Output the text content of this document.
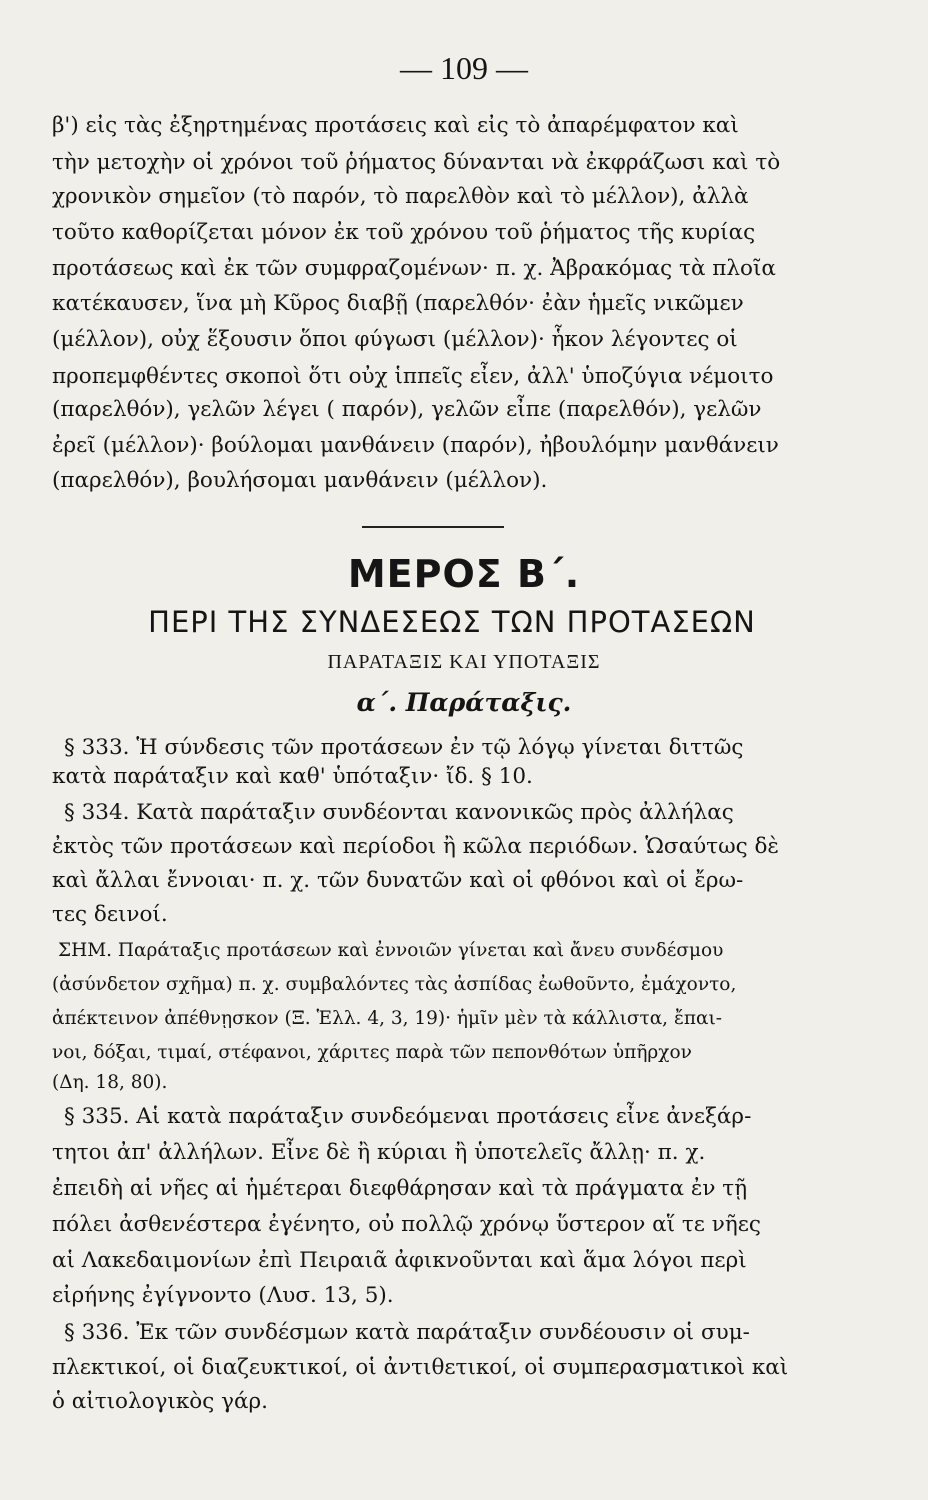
— 109 —
β') εἰς τὰς ἐξηρτημένας προτάσεις καὶ εἰς τὸ ἀπαρέμφατον καὶ
τὴν μετοχὴν οἱ χρόνοι τοῦ ῥήματος δύνανται νὰ ἐκφράζωσι καὶ τὸ
χρονικὸν σημεῖον (τὸ παρόν, τὸ παρελθὸν καὶ τὸ μέλλον), ἀλλὰ
τοῦτο καθορίζεται μόνον ἐκ τοῦ χρόνου τοῦ ῥήματος τῆς κυρίας
προτάσεως καὶ ἐκ τῶν συμφραζομένων· π. χ. Ἀβρακόμας τὰ πλοῖα
κατέκαυσεν, ἵνα μὴ Κῦρος διαβῇ (παρελθόν· ἐὰν ἡμεῖς νικῶμεν
(μέλλον), οὐχ ἕξουσιν ὅποι φύγωσι (μέλλον)· ἧκον λέγοντες οἱ
προπεμφθέντες σκοποὶ ὅτι οὐχ ἱππεῖς εἶεν, ἀλλ' ὑποζύγια νέμοιτο
(παρελθόν), γελῶν λέγει ( παρόν), γελῶν εἶπε (παρελθόν), γελῶν
ἐρεῖ (μέλλον)· βούλομαι μανθάνειν (παρόν), ἠβουλόμην μανθάνειν
(παρελθόν), βουλήσομαι μανθάνειν (μέλλον).
ΜΕΡΟΣ Β΄.
ΠΕΡΙ ΤΗΣ ΣΥΝΔΕΣΕΩΣ ΤΩΝ ΠΡΟΤΑΣΕΩΝ
ΠΑΡΑΤΑΞΙΣ ΚΑΙ ΥΠΟΤΑΞΙΣ
α΄. Παράταξις.
§ 333. Ἡ σύνδεσις τῶν προτάσεων ἐν τῷ λόγῳ γίνεται διττῶς
κατὰ παράταξιν καὶ καθ' ὑπόταξιν· ἴδ. § 10.
§ 334. Κατὰ παράταξιν συνδέονται κανονικῶς πρὸς ἀλλήλας
ἐκτὸς τῶν προτάσεων καὶ περίοδοι ἢ κῶλα περιόδων. Ὡσαύτως δὲ
καὶ ἄλλαι ἔννοιαι· π. χ. τῶν δυνατῶν καὶ οἱ φθόνοι καὶ οἱ ἔρω-
τες δεινοί.
ΣΗΜ. Παράταξις προτάσεων καὶ ἐννοιῶν γίνεται καὶ ἄνευ συνδέσμου
(ἀσύνδετον σχῆμα) π. χ. συμβαλόντες τὰς ἀσπίδας ἐωθοῦντο, ἐμάχοντο,
ἀπέκτεινον ἀπέθνῃσκον (Ξ. Ἑλλ. 4, 3, 19)· ἡμῖν μὲν τὰ κάλλιστα, ἔπαι-
νοι, δόξαι, τιμαί, στέφανοι, χάριτες παρὰ τῶν πεπονθότων ὑπῆρχον
(Δη. 18, 80).
§ 335. Αἱ κατὰ παράταξιν συνδεόμεναι προτάσεις εἶνε ἀνεξάρ-
τητοι ἀπ' ἀλλήλων. Εἶνε δὲ ἢ κύριαι ἢ ὑποτελεῖς ἄλλῃ· π. χ.
ἐπειδὴ αἱ νῆες αἱ ἡμέτεραι διεφθάρησαν καὶ τὰ πράγματα ἐν τῇ
πόλει ἀσθενέστερα ἐγένητο, οὐ πολλῷ χρόνῳ ὕστερον αἵ τε νῆες
αἱ Λακεδαιμονίων ἐπὶ Πειραιᾶ ἀφικνοῦνται καὶ ἅμα λόγοι περὶ
εἰρήνης ἐγίγνοντο (Λυσ. 13, 5).
§ 336. Ἐκ τῶν συνδέσμων κατὰ παράταξιν συνδέουσιν οἱ συμ-
πλεκτικοί, οἱ διαζευκτικοί, οἱ ἀντιθετικοί, οἱ συμπερασματικοὶ καὶ
ὁ αἰτιολογικὸς γάρ.
